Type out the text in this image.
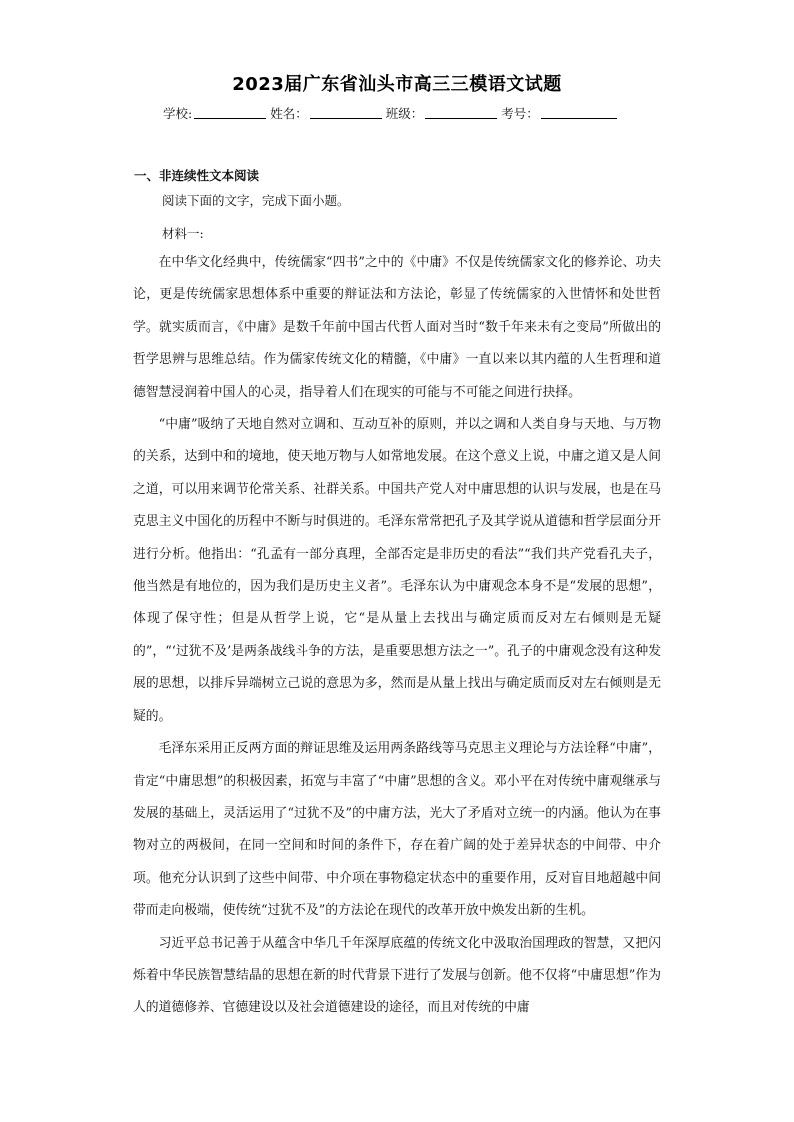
2023届广东省汕头市高三三模语文试题
学校:	姓名：	班级：	考号：
一、非连续性文本阅读
阅读下面的文字，完成下面小题。
材料一:

在中华文化经典中，传统儒家“四书”之中的《中庸》不仅是传统儒家文化的修养论、功夫论，更是传统儒家思想体系中重要的辩证法和方法论，彰显了传统儒家的入世情怀和处世哲学。就实质而言，《中庸》是数千年前中国古代哲人面对当时“数千年来未有之变局”所做出的哲学思辨与思维总结。作为儒家传统文化的精髓，《中庸》一直以来以其内蕴的人生哲理和道德智慧浸润着中国人的心灵，指导着人们在现实的可能与不可能之间进行抉择。

“中庸”吸纳了天地自然对立调和、互动互补的原则，并以之调和人类自身与天地、与万物的关系，达到中和的境地，使天地万物与人如常地发展。在这个意义上说，中庸之道又是人间之道，可以用来调节伦常关系、社群关系。中国共产党人对中庸思想的认识与发展，也是在马克思主义中国化的历程中不断与时俱进的。毛泽东常常把孔子及其学说从道德和哲学层面分开进行分析。他指出：“孔孟有一部分真理，全部否定是非历史的看法”“我们共产党看孔夫子，他当然是有地位的，因为我们是历史主义者”。毛泽东认为中庸观念本身不是“发展的思想”，体现了保守性；但是从哲学上说，它“是从量上去找出与确定质而反对左右倾则是无疑的”，“‘过犹不及’是两条战线斗争的方法，是重要思想方法之一”。孔子的中庸观念没有这种发展的思想，以排斥异端树立己说的意思为多，然而是从量上找出与确定质而反对左右倾则是无疑的。

毛泽东采用正反两方面的辩证思维及运用两条路线等马克思主义理论与方法诠释“中庸”，肯定“中庸思想”的积极因素，拓宽与丰富了“中庸”思想的含义。邓小平在对传统中庸观继承与发展的基础上，灵活运用了“过犹不及”的中庸方法，光大了矛盾对立统一的内涵。他认为在事物对立的两极间，在同一空间和时间的条件下，存在着广阔的处于差异状态的中间带、中介项。他充分认识到了这些中间带、中介项在事物稳定状态中的重要作用，反对盲目地超越中间带而走向极端，使传统“过犹不及”的方法论在现代的改革开放中焕发出新的生机。

习近平总书记善于从蕴含中华几千年深厚底蕴的传统文化中汲取治国理政的智慧，又把闪烁着中华民族智慧结晶的思想在新的时代背景下进行了发展与创新。他不仅将“中庸思想”作为人的道德修养、官德建设以及社会道德建设的途径，而且对传统的中庸
